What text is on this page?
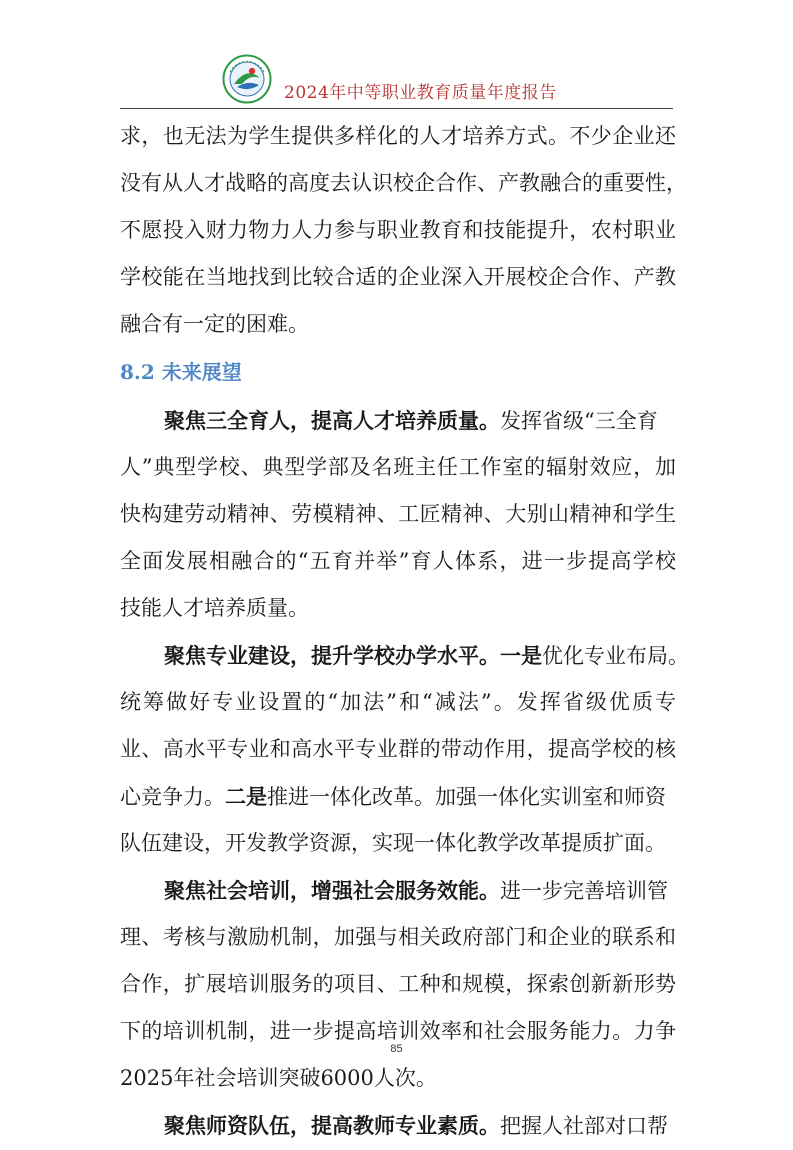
2024年中等职业教育质量年度报告
求，也无法为学生提供多样化的人才培养方式。不少企业还
没有从人才战略的高度去认识校企合作、产教融合的重要性，
不愿投入财力物力人力参与职业教育和技能提升，农村职业
学校能在当地找到比较合适的企业深入开展校企合作、产教
融合有一定的困难。
8.2 未来展望
聚焦三全育人，提高人才培养质量。发挥省级“三全育
人”典型学校、典型学部及名班主任工作室的辐射效应，加
快构建劳动精神、劳模精神、工匠精神、大别山精神和学生
全面发展相融合的“五育并举”育人体系，进一步提高学校
技能人才培养质量。
聚焦专业建设，提升学校办学水平。一是优化专业布局。
统筹做好专业设置的“加法”和“减法”。发挥省级优质专
业、高水平专业和高水平专业群的带动作用，提高学校的核
心竞争力。二是推进一体化改革。加强一体化实训室和师资
队伍建设，开发教学资源，实现一体化教学改革提质扩面。
聚焦社会培训，增强社会服务效能。进一步完善培训管
理、考核与激励机制，加强与相关政府部门和企业的联系和
合作，扩展培训服务的项目、工种和规模，探索创新新形势
下的培训机制，进一步提高培训效率和社会服务能力。力争
2025年社会培训突破6000人次。
聚焦师资队伍，提高教师专业素质。把握人社部对口帮
85
